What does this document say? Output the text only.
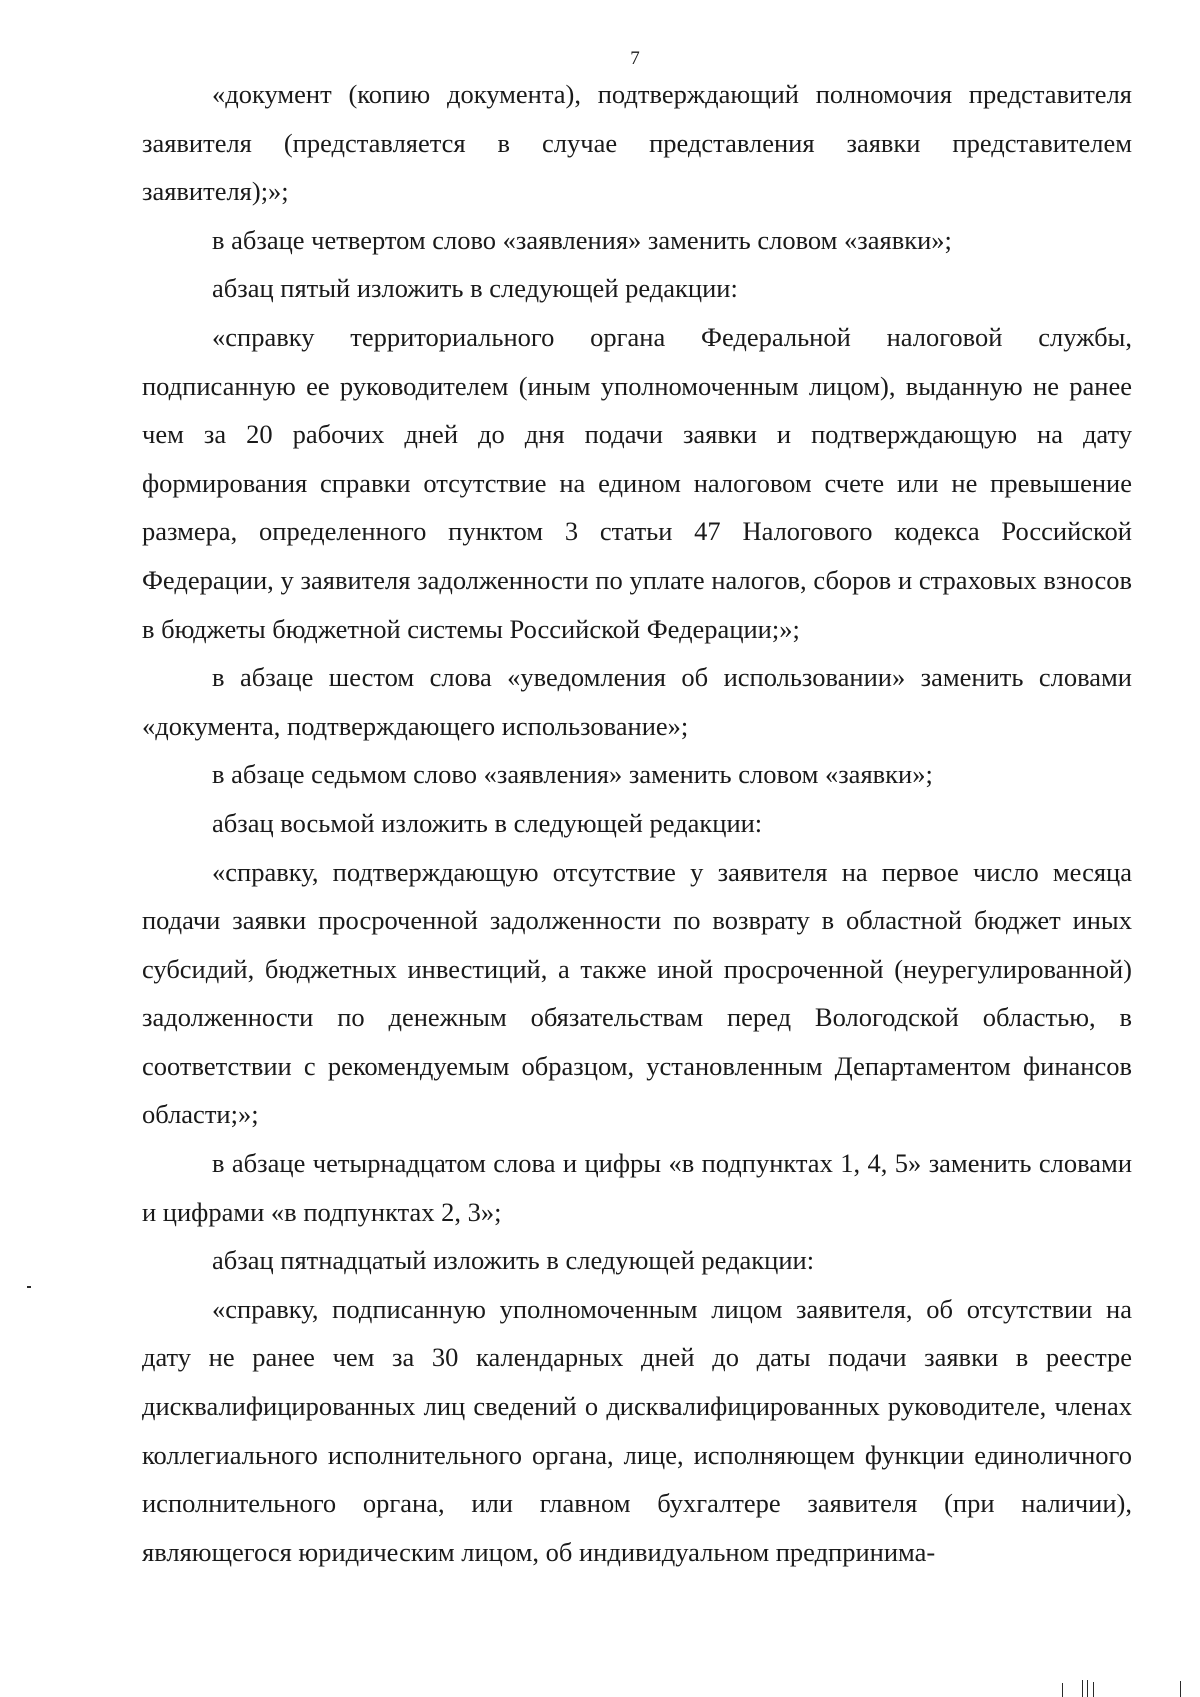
7

«документ (копию документа), подтверждающий полномочия представителя заявителя (представляется в случае представления заявки представителем заявителя);»;

в абзаце четвертом слово «заявления» заменить словом «заявки»;

абзац пятый изложить в следующей редакции:

«справку территориального органа Федеральной налоговой службы, подписанную ее руководителем (иным уполномоченным лицом), выданную не ранее чем за 20 рабочих дней до дня подачи заявки и подтверждающую на дату формирования справки отсутствие на едином налоговом счете или не превышение размера, определенного пунктом 3 статьи 47 Налогового кодекса Российской Федерации, у заявителя задолженности по уплате налогов, сборов и страховых взносов в бюджеты бюджетной системы Российской Федерации;»;

в абзаце шестом слова «уведомления об использовании» заменить словами «документа, подтверждающего использование»;

в абзаце седьмом слово «заявления» заменить словом «заявки»;

абзац восьмой изложить в следующей редакции:

«справку, подтверждающую отсутствие у заявителя на первое число месяца подачи заявки просроченной задолженности по возврату в областной бюджет иных субсидий, бюджетных инвестиций, а также иной просроченной (неурегулированной) задолженности по денежным обязательствам перед Вологодской областью, в соответствии с рекомендуемым образцом, установленным Департаментом финансов области;»;

в абзаце четырнадцатом слова и цифры «в подпунктах 1, 4, 5» заменить словами и цифрами «в подпунктах 2, 3»;

абзац пятнадцатый изложить в следующей редакции:

«справку, подписанную уполномоченным лицом заявителя, об отсутствии на дату не ранее чем за 30 календарных дней до даты подачи заявки в реестре дисквалифицированных лиц сведений о дисквалифицированных руководителе, членах коллегиального исполнительного органа, лице, исполняющем функции единоличного исполнительного органа, или главном бухгалтере заявителя (при наличии), являющегося юридическим лицом, об индивидуальном предпринима-
